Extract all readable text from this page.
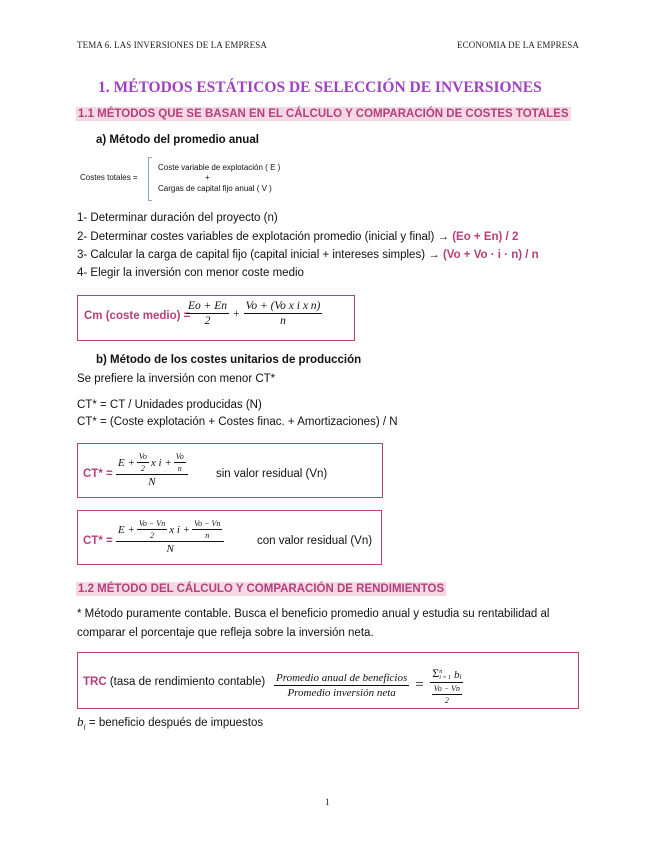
TEMA 6. LAS INVERSIONES DE LA EMPRESA	ECONOMIA DE LA EMPRESA
1. MÉTODOS ESTÁTICOS DE SELECCIÓN DE INVERSIONES
1.1 MÉTODOS QUE SE BASAN EN EL CÁLCULO Y COMPARACIÓN DE COSTES TOTALES
a) Método del promedio anual
Costes totales =
Coste variable de explotación ( E )
+
Cargas de capital fijo anual ( V )
1- Determinar duración del proyecto (n)
2- Determinar costes variables de explotación promedio (inicial y final) → (Eo + En) / 2
3- Calcular la carga de capital fijo (capital inicial + intereses simples) → (Vo + Vo · i · n) / n
4- Elegir la inversión con menor coste medio
Cm (coste medio) =
$\frac{Eo + En}{2} + \frac{\text{Vo + (Vo x i x n)}}{n}$
b) Método de los costes unitarios de producción
Se prefiere la inversión con menor CT*
CT* = CT / Unidades producidas (N)
CT* = (Coste explotación + Costes finac. + Amortizaciones) / N
$CT* = \frac{E + \frac{Vo}{2} x i + \frac{Vo}{n}}{N}$ sin valor residual (Vn)
$CT* = \frac{E + \frac{Vo - Vn}{2} x i + \frac{Vo - Vn}{n}}{N}$	con valor residual (Vn)
1.2 MÉTODO DEL CÁLCULO Y COMPARACIÓN DE RENDIMIENTOS
* Método puramente contable. Busca el beneficio promedio anual y estudia su rentabilidad al
comparar el porcentaje que refleja sobre la inversión neta.
TRC (tasa de rendimiento contable) $\frac{\text{Promedio anual de beneficios}}{\text{Promedio inversión neta}} = \Sigma$ n
i = 1 b i
$\frac{Vo - Vn}{2}$
$b_i$ = beneficio después de impuestos
1
